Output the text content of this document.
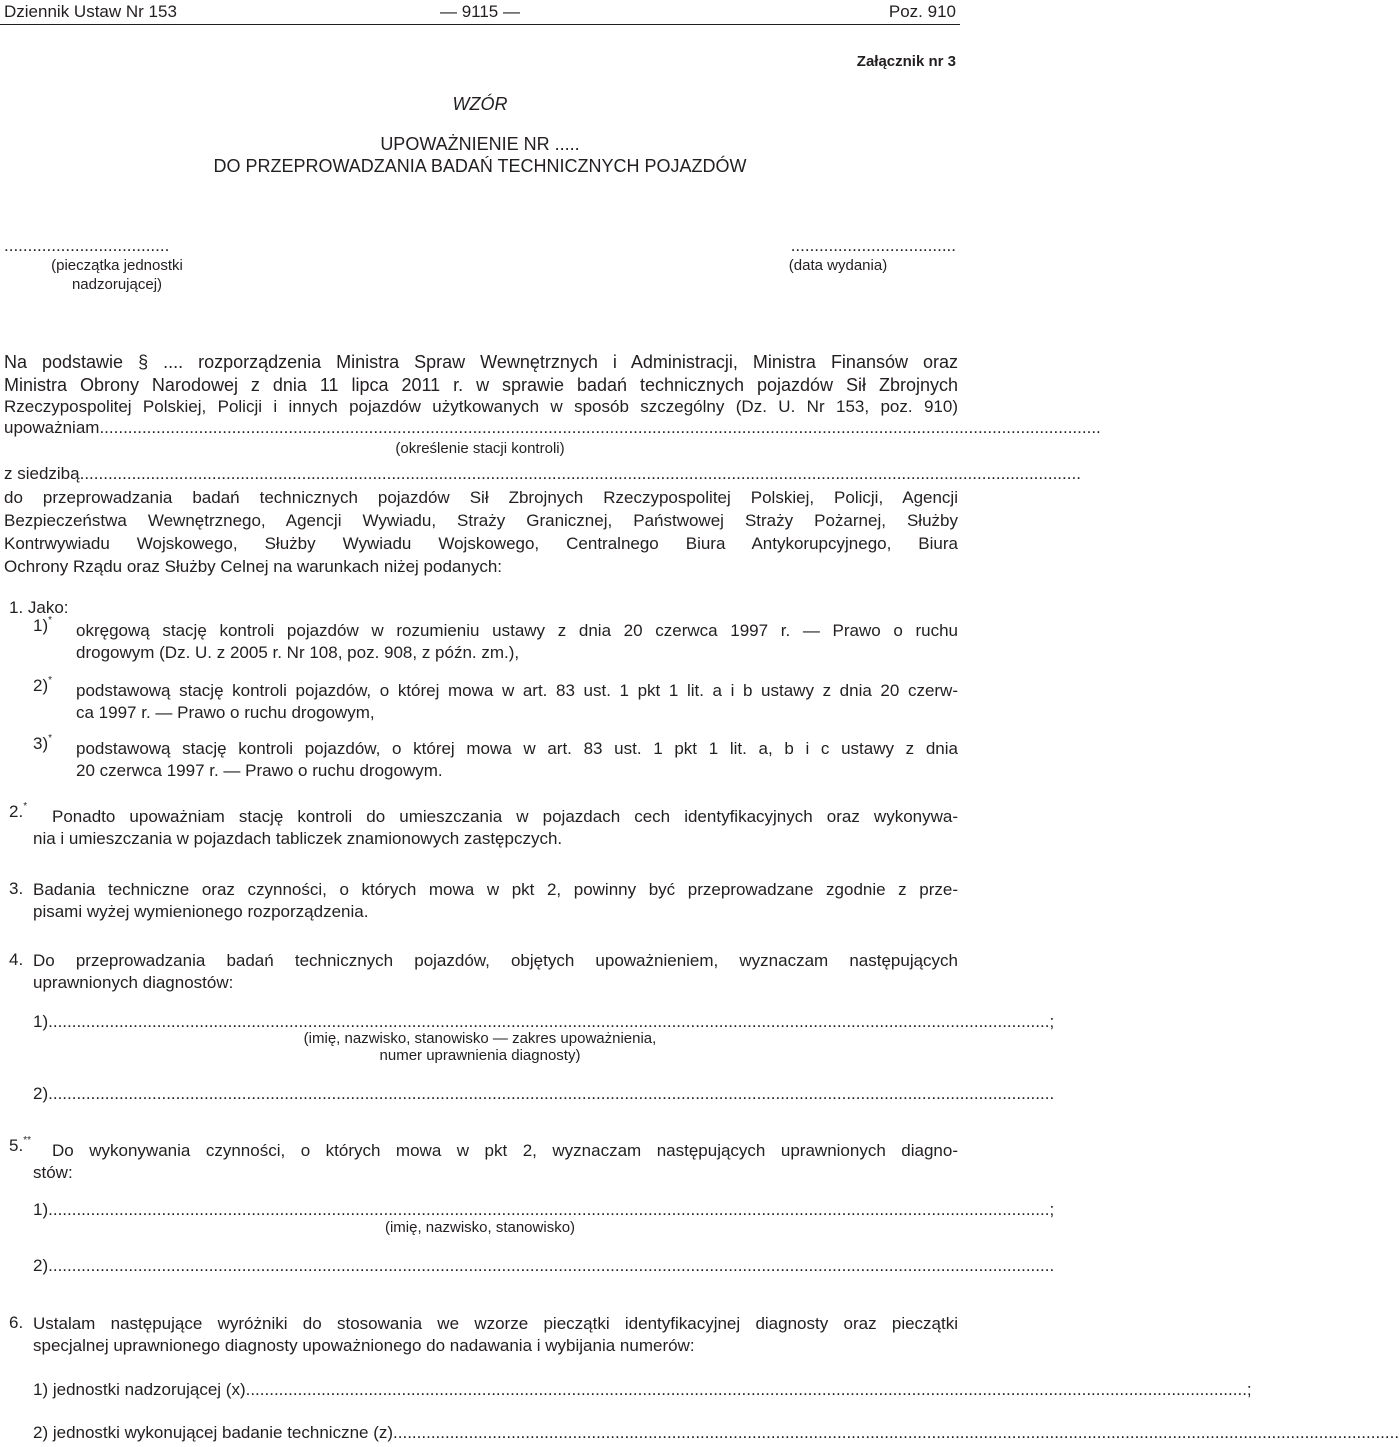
Dziennik Ustaw Nr 153	— 9115 —	Poz. 910
Załącznik nr 3
WZÓR
UPOWAŻNIENIE NR .....
DO PRZEPROWADZANIA BADAŃ TECHNICZNYCH POJAZDÓW
...................................
(pieczątka jednostki
nadzorującej)
...................................
(data wydania)
Na podstawie § .... rozporządzenia Ministra Spraw Wewnętrznych i Administracji, Ministra Finansów oraz
Ministra Obrony Narodowej z dnia 11 lipca 2011 r. w sprawie badań technicznych pojazdów Sił Zbrojnych
Rzeczypospolitej Polskiej, Policji i innych pojazdów użytkowanych w sposób szczególny (Dz. U. Nr 153, poz. 910)
upoważniam ....................................................................................................................................................................................................................
(określenie stacji kontroli)
z siedzibą ....................................................................................................................................................................................................................
do przeprowadzania badań technicznych pojazdów Sił Zbrojnych Rzeczypospolitej Polskiej, Policji, Agencji
Bezpieczeństwa Wewnętrznego, Agencji Wywiadu, Straży Granicznej, Państwowej Straży Pożarnej, Służby
Kontrwywiadu Wojskowego, Służby Wywiadu Wojskowego, Centralnego Biura Antykorupcyjnego, Biura
Ochrony Rządu oraz Służby Celnej na warunkach niżej podanych:
1. Jako:
1)*
okręgową stację kontroli pojazdów w rozumieniu ustawy z dnia 20 czerwca 1997 r. — Prawo o ruchu
drogowym (Dz. U. z 2005 r. Nr 108, poz. 908, z późn. zm.),
2)*
podstawową stację kontroli pojazdów, o której mowa w art. 83 ust. 1 pkt 1 lit. a i b ustawy z dnia 20 czerw-
ca 1997 r. — Prawo o ruchu drogowym,
3)*
podstawową stację kontroli pojazdów, o której mowa w art. 83 ust. 1 pkt 1 lit. a, b i c ustawy z dnia
20 czerwca 1997 r. — Prawo o ruchu drogowym.
2.*
Ponadto upoważniam stację kontroli do umieszczania w pojazdach cech identyfikacyjnych oraz wykonywa-
nia i umieszczania w pojazdach tabliczek znamionowych zastępczych.
3. Badania techniczne oraz czynności, o których mowa w pkt 2, powinny być przeprowadzane zgodnie z prze-
pisami wyżej wymienionego rozporządzenia.
4. Do przeprowadzania badań technicznych pojazdów, objętych upoważnieniem, wyznaczam następujących
uprawnionych diagnostów:
1) .................................................................................................................................................................................................................... ;
(imię, nazwisko, stanowisko — zakres upoważnienia,
numer uprawnienia diagnosty)
2) .................................................................................................................................................................................................................... .
5.**
Do wykonywania czynności, o których mowa w pkt 2, wyznaczam następujących uprawnionych diagno-
stów:
1) .................................................................................................................................................................................................................... ;
(imię, nazwisko, stanowisko)
2) .................................................................................................................................................................................................................... .
6. Ustalam następujące wyróżniki do stosowania we wzorze pieczątki identyfikacyjnej diagnosty oraz pieczątki
specjalnej uprawnionego diagnosty upoważnionego do nadawania i wybijania numerów:
1) jednostki nadzorującej (x) .................................................................................................................................................................................................................... ;
2) jednostki wykonującej badanie techniczne (z) .................................................................................................................................................................................................................... .
